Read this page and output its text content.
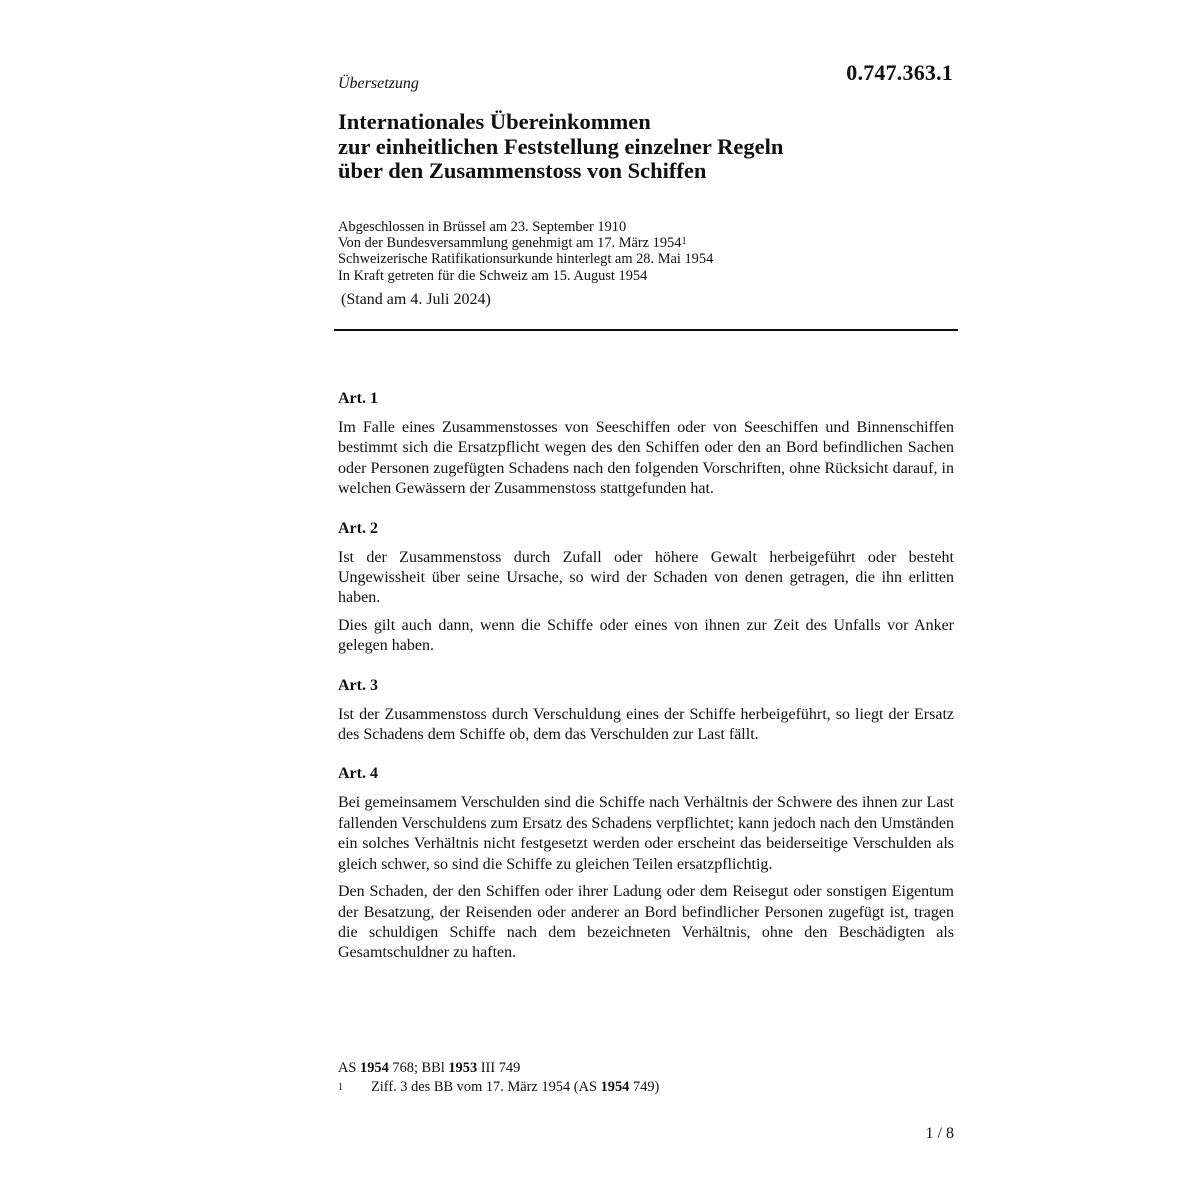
Übersetzung	0.747.363.1
Internationales Übereinkommen
zur einheitlichen Feststellung einzelner Regeln
über den Zusammenstoss von Schiffen
Abgeschlossen in Brüssel am 23. September 1910
Von der Bundesversammlung genehmigt am 17. März 1954$^1$
Schweizerische Ratifikationsurkunde hinterlegt am 28. Mai 1954
In Kraft getreten für die Schweiz am 15. August 1954
(Stand am 4. Juli 2024)
Art. 1
Im Falle eines Zusammenstosses von Seeschiffen oder von Seeschiffen und Binnenschiffen bestimmt sich die Ersatzpflicht wegen des den Schiffen oder den an Bord befindlichen Sachen oder Personen zugefügten Schadens nach den folgenden Vorschriften, ohne Rücksicht darauf, in welchen Gewässern der Zusammenstoss stattgefunden hat.
Art. 2
Ist der Zusammenstoss durch Zufall oder höhere Gewalt herbeigeführt oder besteht Ungewissheit über seine Ursache, so wird der Schaden von denen getragen, die ihn erlitten haben.
Dies gilt auch dann, wenn die Schiffe oder eines von ihnen zur Zeit des Unfalls vor Anker gelegen haben.
Art. 3
Ist der Zusammenstoss durch Verschuldung eines der Schiffe herbeigeführt, so liegt der Ersatz des Schadens dem Schiffe ob, dem das Verschulden zur Last fällt.
Art. 4
Bei gemeinsamem Verschulden sind die Schiffe nach Verhältnis der Schwere des ihnen zur Last fallenden Verschuldens zum Ersatz des Schadens verpflichtet; kann jedoch nach den Umständen ein solches Verhältnis nicht festgesetzt werden oder erscheint das beiderseitige Verschulden als gleich schwer, so sind die Schiffe zu gleichen Teilen ersatzpflichtig.
Den Schaden, der den Schiffen oder ihrer Ladung oder dem Reisegut oder sonstigen Eigentum der Besatzung, der Reisenden oder anderer an Bord befindlicher Personen zugefügt ist, tragen die schuldigen Schiffe nach dem bezeichneten Verhältnis, ohne den Beschädigten als Gesamtschuldner zu haften.
AS 1954 768; BBl 1953 III 749
1 Ziff. 3 des BB vom 17. März 1954 (AS 1954 749)
1 / 8
